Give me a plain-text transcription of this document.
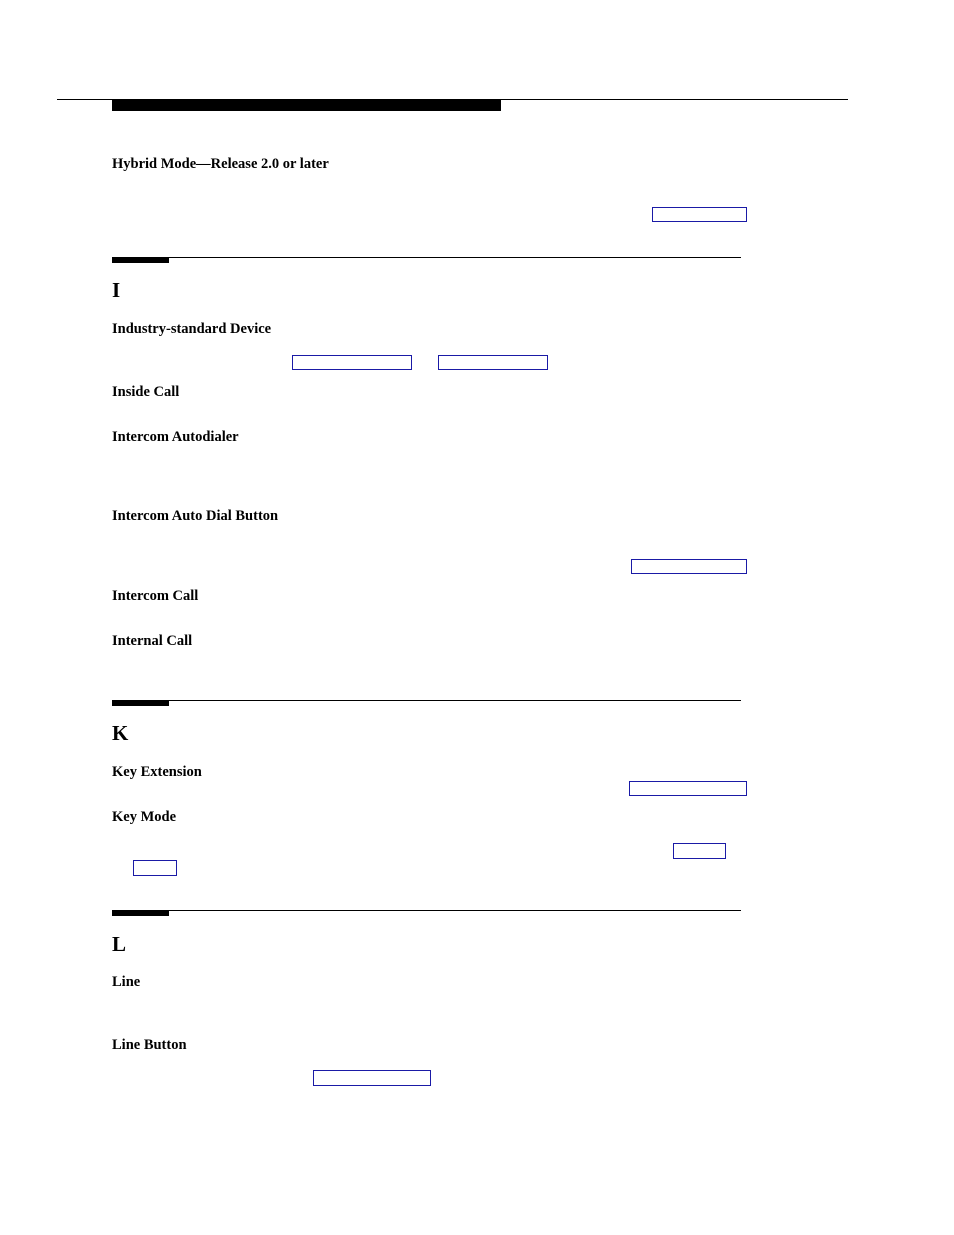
Hybrid Mode—Release 2.0 or later
I
Industry-standard Device
Inside Call
Intercom Autodialer
Intercom Auto Dial Button
Intercom Call
Internal Call
K
Key Extension
Key Mode
L
Line
Line Button
